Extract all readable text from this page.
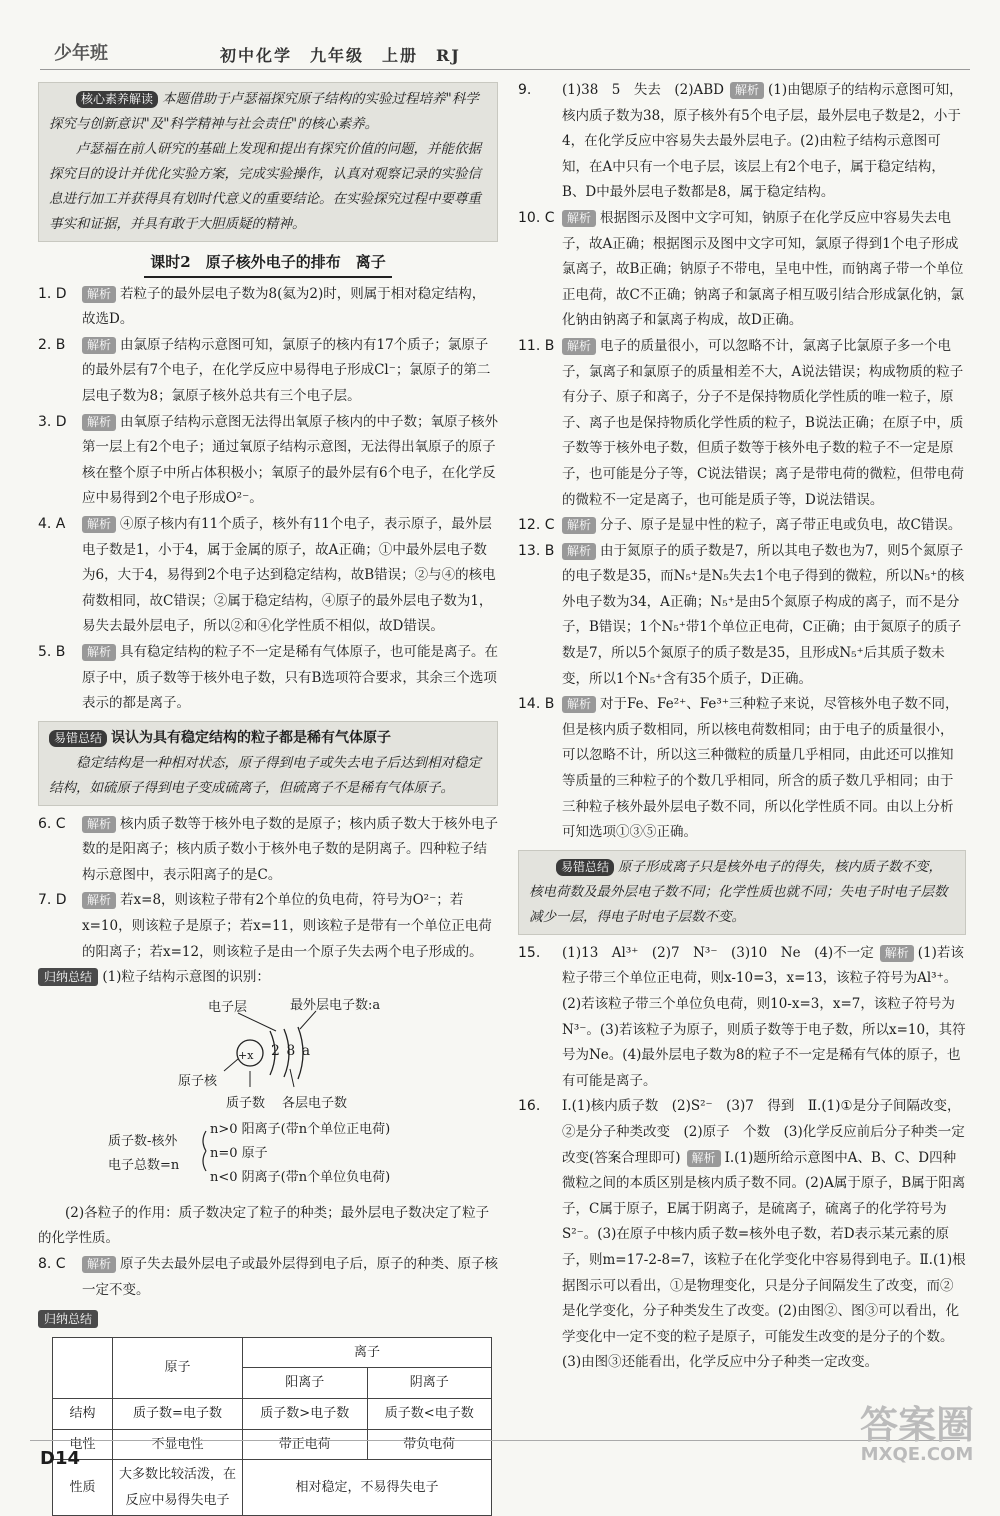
少年班	初中化学　九年级　上册　RJ

核心素养解读 本题借助于卢瑟福探究原子结构的实验过程培养"科学探究与创新意识"及"科学精神与社会责任"的核心素养。

卢瑟福在前人研究的基础上发现和提出有探究价值的问题，并能依据探究目的设计并优化实验方案，完成实验操作，认真对观察记录的实验信息进行加工并获得具有划时代意义的重要结论。在实验探究过程中要尊重事实和证据，并具有敢于大胆质疑的精神。

课时2　原子核外电子的排布　离子
1. D	解析 若粒子的最外层电子数为8(氦为2)时，则属于相对稳定结构，故选D。
2. B	解析 由氯原子结构示意图可知，氯原子的核内有17个质子；氯原子的最外层有7个电子，在化学反应中易得电子形成Cl⁻；氯原子的第二层电子数为8；氯原子核外总共有三个电子层。
3. D	解析 由氧原子结构示意图无法得出氧原子核内的中子数；氧原子核外第一层上有2个电子；通过氧原子结构示意图，无法得出氧原子的原子核在整个原子中所占体积极小；氧原子的最外层有6个电子，在化学反应中易得到2个电子形成O²⁻。
4. A	解析 ④原子核内有11个质子，核外有11个电子，表示原子，最外层电子数是1，小于4，属于金属的原子，故A正确；①中最外层电子数为6，大于4，易得到2个电子达到稳定结构，故B错误；②与④的核电荷数相同，故C错误；②属于稳定结构，④原子的最外层电子数为1，易失去最外层电子，所以②和④化学性质不相似，故D错误。
5. B	解析 具有稳定结构的粒子不一定是稀有气体原子，也可能是离子。在原子中，质子数等于核外电子数，只有B选项符合要求，其余三个选项表示的都是离子。
易错总结 误认为具有稳定结构的粒子都是稀有气体原子

稳定结构是一种相对状态，原子得到电子或失去电子后达到相对稳定结构，如硫原子得到电子变成硫离子，但硫离子不是稀有气体原子。

6. C	解析 核内质子数等于核外电子数的是原子；核内质子数大于核外电子数的是阳离子；核内质子数小于核外电子数的是阴离子。四种粒子结构示意图中，表示阳离子的是C。
7. D	解析 若x=8，则该粒子带有2个单位的负电荷，符号为O²⁻；若x=10，则该粒子是原子；若x=11，则该粒子是带有一个单位正电荷的阳离子；若x=12，则该粒子是由一个原子失去两个电子形成的。
归纳总结 (1)粒子结构示意图的识别：
电子层	最外层电子数:a
+x 2 8 a
原子核
质子数 各层电子数
质子数-核外
电子总数=n
n>0 阳离子(带n个单位正电荷)
n=0 原子
n<0 阴离子(带n个单位负电荷)

(2)各粒子的作用：质子数决定了粒子的种类；最外层电子数决定了粒子的化学性质。

8. C	解析 原子失去最外层电子或最外层得到电子后，原子的种类、原子核一定不变。
归纳总结
	原子	离子	
		阳离子	阴离子
结构	质子数=电子数	质子数>电子数	质子数<电子数
电性	不显电性	带正电荷	带负电荷
性质	大多数比较活泼，在反应中易得失电子	相对稳定，不易得失电子	
9.	(1)38　5　失去　(2)ABD 解析 (1)由锶原子的结构示意图可知，核内质子数为38，原子核外有5个电子层，最外层电子数是2，小于4，在化学反应中容易失去最外层电子。(2)由粒子结构示意图可知，在A中只有一个电子层，该层上有2个电子，属于稳定结构，B、D中最外层电子数都是8，属于稳定结构。
10. C	解析 根据图示及图中文字可知，钠原子在化学反应中容易失去电子，故A正确；根据图示及图中文字可知，氯原子得到1个电子形成氯离子，故B正确；钠原子不带电，呈电中性，而钠离子带一个单位正电荷，故C不正确；钠离子和氯离子相互吸引结合形成氯化钠，氯化钠由钠离子和氯离子构成，故D正确。
11. B	解析 电子的质量很小，可以忽略不计，氯离子比氯原子多一个电子，氯离子和氯原子的质量相差不大，A说法错误；构成物质的粒子有分子、原子和离子，分子不是保持物质化学性质的唯一粒子，原子、离子也是保持物质化学性质的粒子，B说法正确；在原子中，质子数等于核外电子数，但质子数等于核外电子数的粒子不一定是原子，也可能是分子等，C说法错误；离子是带电荷的微粒，但带电荷的微粒不一定是离子，也可能是质子等，D说法错误。
12. C	解析 分子、原子是显中性的粒子，离子带正电或负电，故C错误。
13. B	解析 由于氮原子的质子数是7，所以其电子数也为7，则5个氮原子的电子数是35，而N₅⁺是N₅失去1个电子得到的微粒，所以N₅⁺的核外电子数为34，A正确；N₅⁺是由5个氮原子构成的离子，而不是分子，B错误；1个N₅⁺带1个单位正电荷，C正确；由于氮原子的质子数是7，所以5个氮原子的质子数是35，且形成N₅⁺后其质子数未变，所以1个N₅⁺含有35个质子，D正确。
14. B	解析 对于Fe、Fe²⁺、Fe³⁺三种粒子来说，尽管核外电子数不同，但是核内质子数相同，所以核电荷数相同；由于电子的质量很小，可以忽略不计，所以这三种微粒的质量几乎相同，由此还可以推知等质量的三种粒子的个数几乎相同，所含的质子数几乎相同；由于三种粒子核外最外层电子数不同，所以化学性质不同。由以上分析可知选项①③⑤正确。

易错总结 原子形成离子只是核外电子的得失，核内质子数不变，核电荷数及最外层电子数不同；化学性质也就不同；失电子时电子层数减少一层，得电子时电子层数不变。

15.	(1)13　Al³⁺　(2)7　N³⁻　(3)10　Ne　(4)不一定 解析 (1)若该粒子带三个单位正电荷，则x-10=3，x=13，该粒子符号为Al³⁺。(2)若该粒子带三个单位负电荷，则10-x=3，x=7，该粒子符号为N³⁻。(3)若该粒子为原子，则质子数等于电子数，所以x=10，其符号为Ne。(4)最外层电子数为8的粒子不一定是稀有气体的原子，也有可能是离子。
16.	Ⅰ.(1)核内质子数　(2)S²⁻　(3)7　得到　Ⅱ.(1)①是分子间隔改变，②是分子种类改变　(2)原子　个数　(3)化学反应前后分子种类一定改变(答案合理即可) 解析 Ⅰ.(1)题所给示意图中A、B、C、D四种微粒之间的本质区别是核内质子数不同。(2)A属于原子，B属于阳离子，C属于原子，E属于阴离子，是硫离子，硫离子的化学符号为S²⁻。(3)在原子中核内质子数=核外电子数，若D表示某元素的原子，则m=17-2-8=7，该粒子在化学变化中容易得到电子。Ⅱ.(1)根据图示可以看出，①是物理变化，只是分子间隔发生了改变，而②是化学变化，分子种类发生了改变。(2)由图②、图③可以看出，化学变化中一定不变的粒子是原子，可能发生改变的是分子的个数。(3)由图③还能看出，化学反应中分子种类一定改变。
D14
答案圈
MXQE.COM
